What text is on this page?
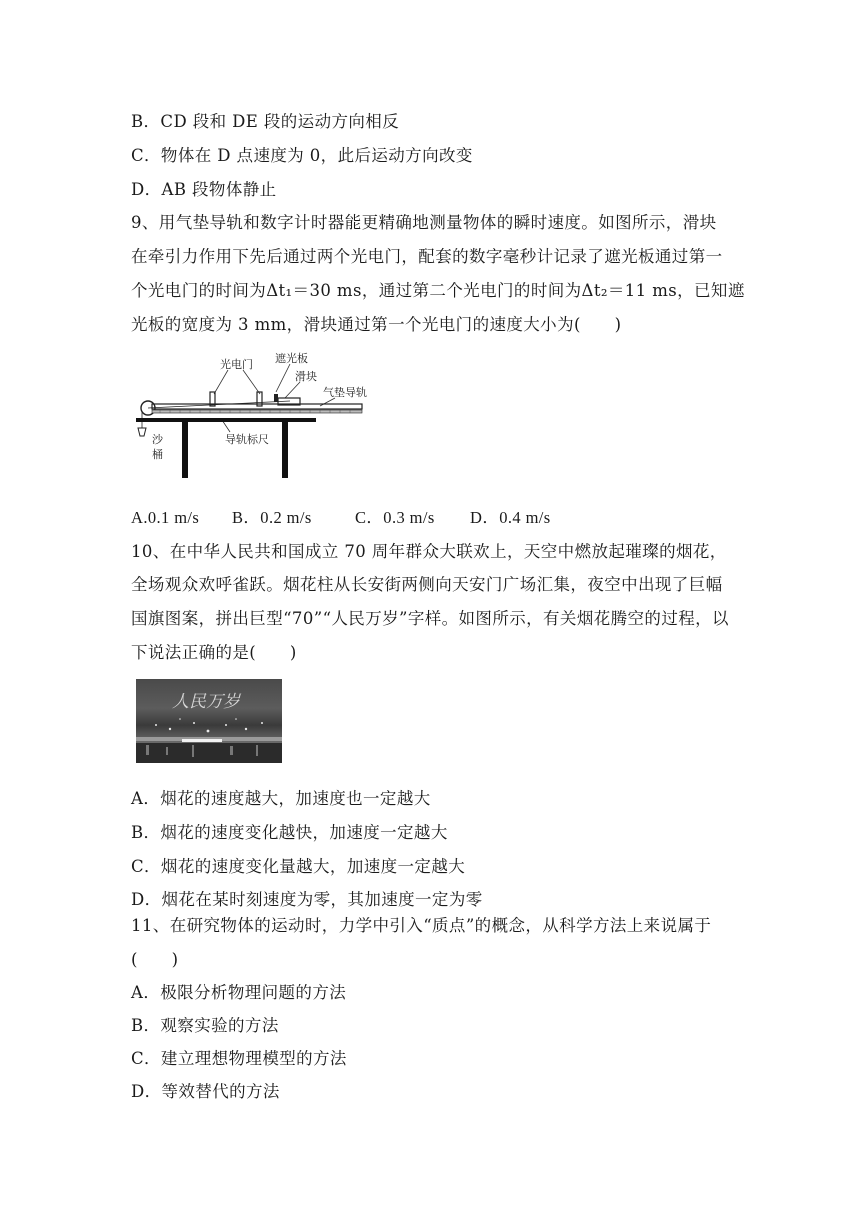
B．CD 段和 DE 段的运动方向相反
C．物体在 D 点速度为 0，此后运动方向改变
D．AB 段物体静止
9、用气垫导轨和数字计时器能更精确地测量物体的瞬时速度。如图所示，滑块
在牵引力作用下先后通过两个光电门，配套的数字毫秒计记录了遮光板通过第一
个光电门的时间为Δt₁＝30 ms，通过第二个光电门的时间为Δt₂＝11 ms，已知遮
光板的宽度为 3 mm，滑块通过第一个光电门的速度大小为(　　)
光电门 遮光板
滑块
气垫导轨
沙
桶
导轨标尺
A.0.1 m/s B．0.2 m/s	C．0.3 m/s D．0.4 m/s
10、在中华人民共和国成立 70 周年群众大联欢上，天空中燃放起璀璨的烟花，
全场观众欢呼雀跃。烟花柱从长安街两侧向天安门广场汇集，夜空中出现了巨幅
国旗图案，拼出巨型“70”“人民万岁”字样。如图所示，有关烟花腾空的过程，以
下说法正确的是(　　)
人民万岁
A．烟花的速度越大，加速度也一定越大
B．烟花的速度变化越快，加速度一定越大
C．烟花的速度变化量越大，加速度一定越大
D．烟花在某时刻速度为零，其加速度一定为零
11、在研究物体的运动时，力学中引入“质点”的概念，从科学方法上来说属于
(　　)
A．极限分析物理问题的方法
B．观察实验的方法
C．建立理想物理模型的方法
D．等效替代的方法
